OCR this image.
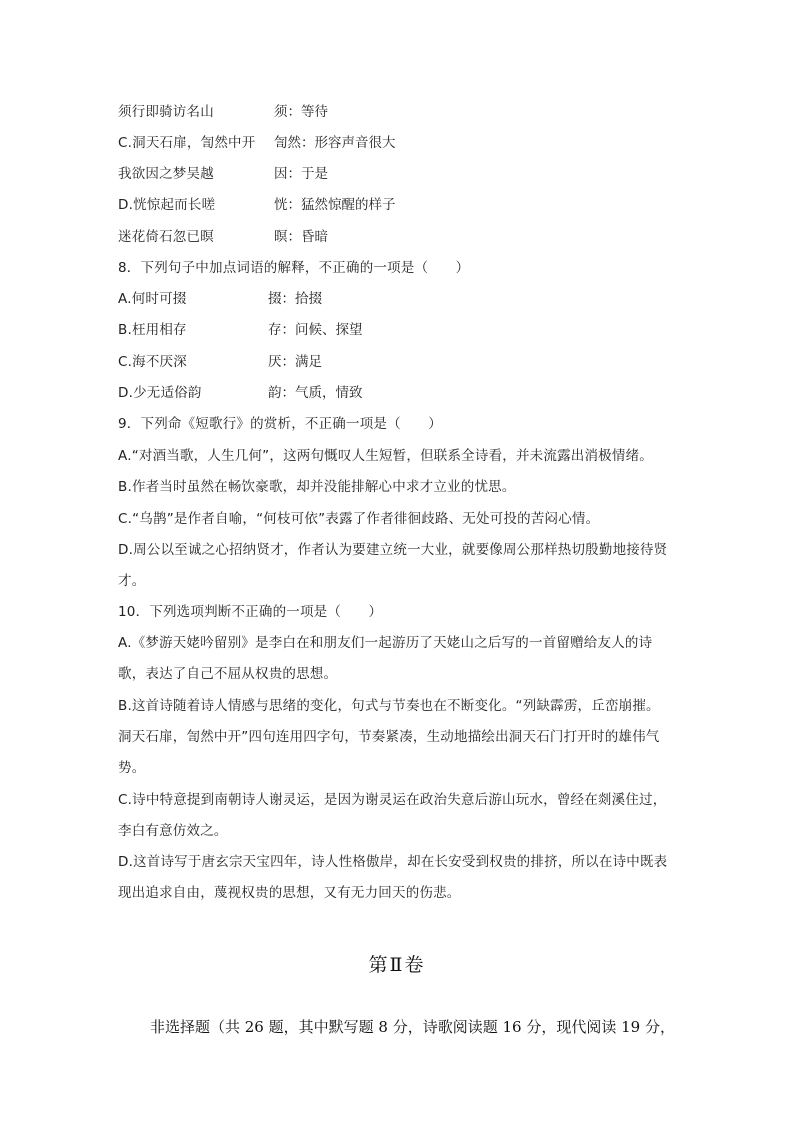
须行即骑访名山	须：等待
C.洞天石扉，訇然中开 訇然：形容声音很大
我欲因之梦吴越	因：于是
D.恍惊起而长嗟	恍：猛然惊醒的样子
迷花倚石忽已暝	暝：昏暗
8．下列句子中加点词语的解释，不正确的一项是（　　）
A.何时可掇	掇：拾掇
B.枉用相存	存：问候、探望
C.海不厌深	厌：满足
D.少无适俗韵	韵：气质，情致
9．下列命《短歌行》的赏析，不正确一项是（　　）
A.“对酒当歌，人生几何”，这两句慨叹人生短暂，但联系全诗看，并未流露出消极情绪。
B.作者当时虽然在畅饮豪歌，却并没能排解心中求才立业的忧思。
C.“乌鹊”是作者自喻，“何枝可依”表露了作者徘徊歧路、无处可投的苦闷心情。
D.周公以至诚之心招纳贤才，作者认为要建立统一大业，就要像周公那样热切殷勤地接待贤
才。
10．下列选项判断不正确的一项是（　　）
A.《梦游天姥吟留别》是李白在和朋友们一起游历了天姥山之后写的一首留赠给友人的诗
歌，表达了自己不屈从权贵的思想。
B.这首诗随着诗人情感与思绪的变化，句式与节奏也在不断变化。“列缺霹雳，丘峦崩摧。
洞天石扉，訇然中开”四句连用四字句，节奏紧凑，生动地描绘出洞天石门打开时的雄伟气
势。
C.诗中特意提到南朝诗人谢灵运，是因为谢灵运在政治失意后游山玩水，曾经在剡溪住过，
李白有意仿效之。
D.这首诗写于唐玄宗天宝四年，诗人性格傲岸，却在长安受到权贵的排挤，所以在诗中既表
现出追求自由，蔑视权贵的思想，又有无力回天的伤悲。
第Ⅱ卷
非选择题（共 26 题，其中默写题 8 分，诗歌阅读题 16 分，现代阅读 19 分，
